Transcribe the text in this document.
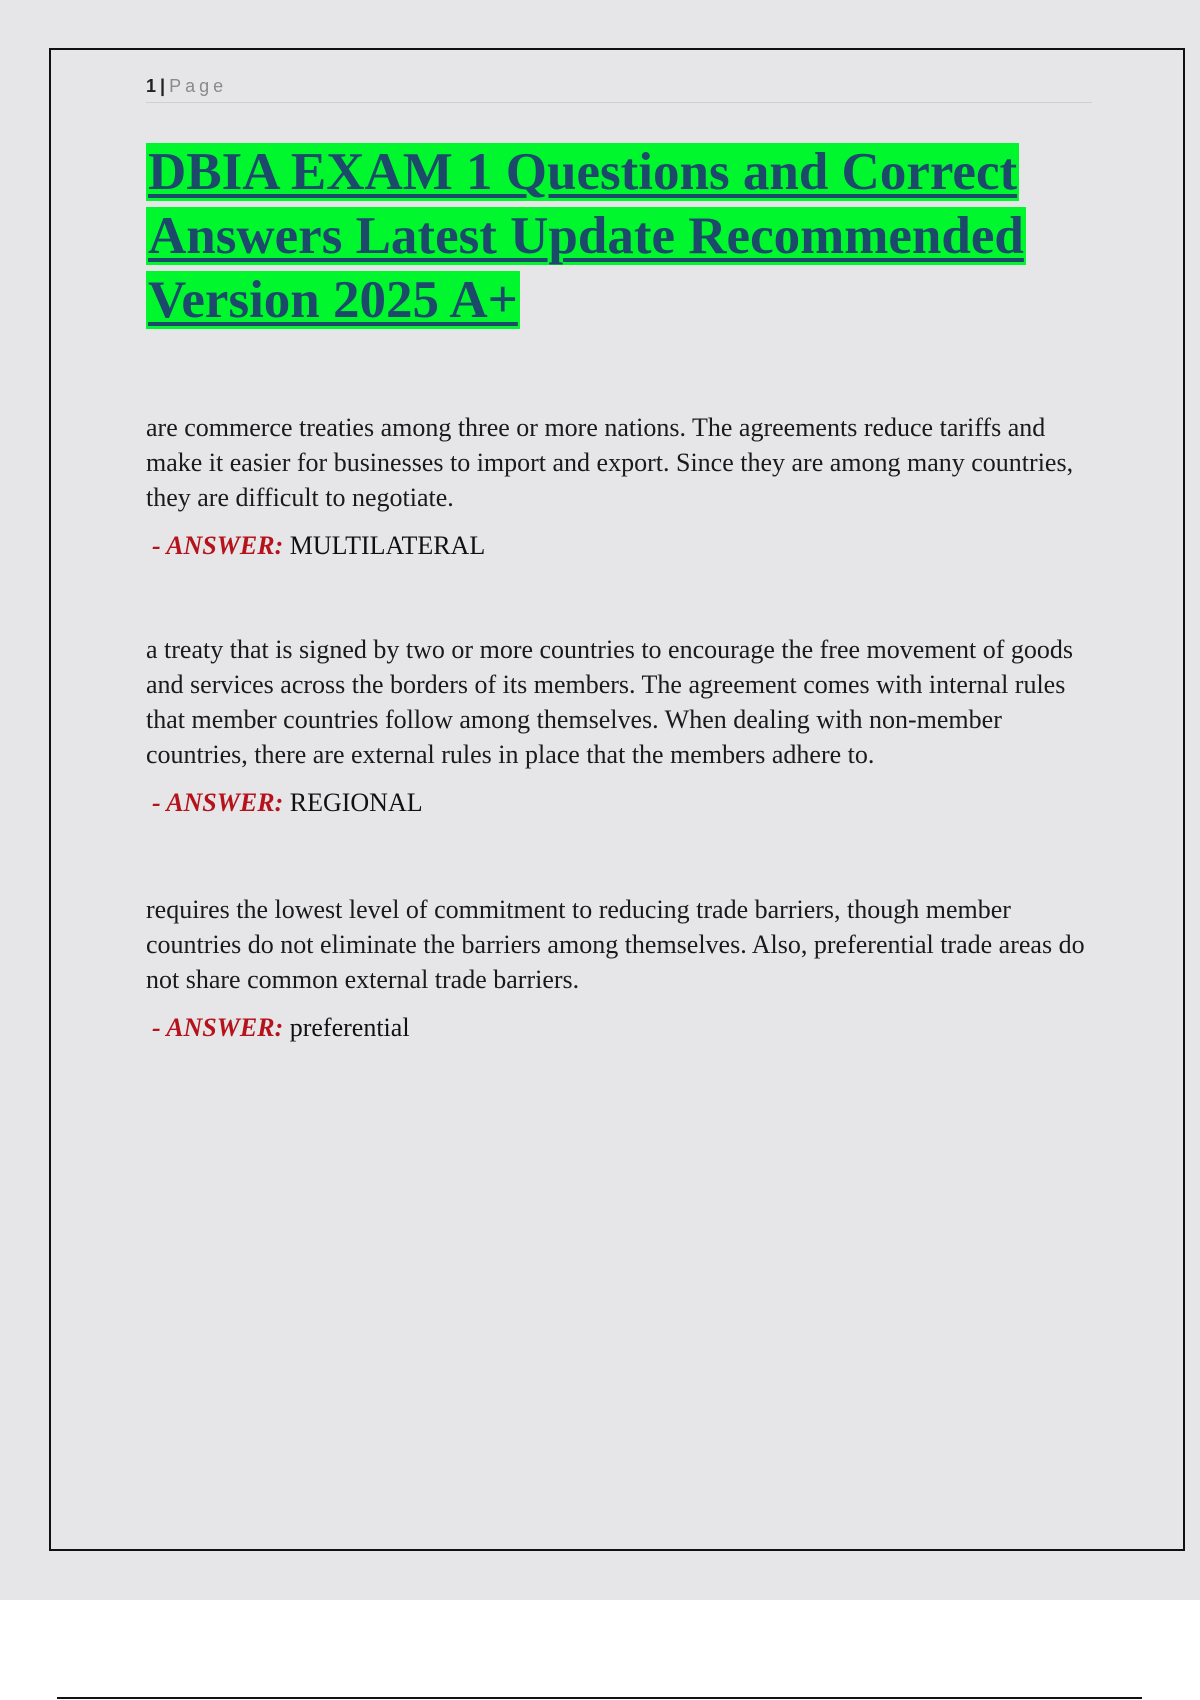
1 | Page
DBIA EXAM 1 Questions and Correct
Answers Latest Update Recommended
Version 2025 A+

are commerce treaties among three or more nations. The agreements reduce tariffs and make it easier for businesses to import and export. Since they are among many countries, they are difficult to negotiate.

- ANSWER: MULTILATERAL

a treaty that is signed by two or more countries to encourage the free movement of goods and services across the borders of its members. The agreement comes with internal rules that member countries follow among themselves. When dealing with non-member countries, there are external rules in place that the members adhere to.

- ANSWER: REGIONAL

requires the lowest level of commitment to reducing trade barriers, though member countries do not eliminate the barriers among themselves. Also, preferential trade areas do not share common external trade barriers.

- ANSWER: preferential
